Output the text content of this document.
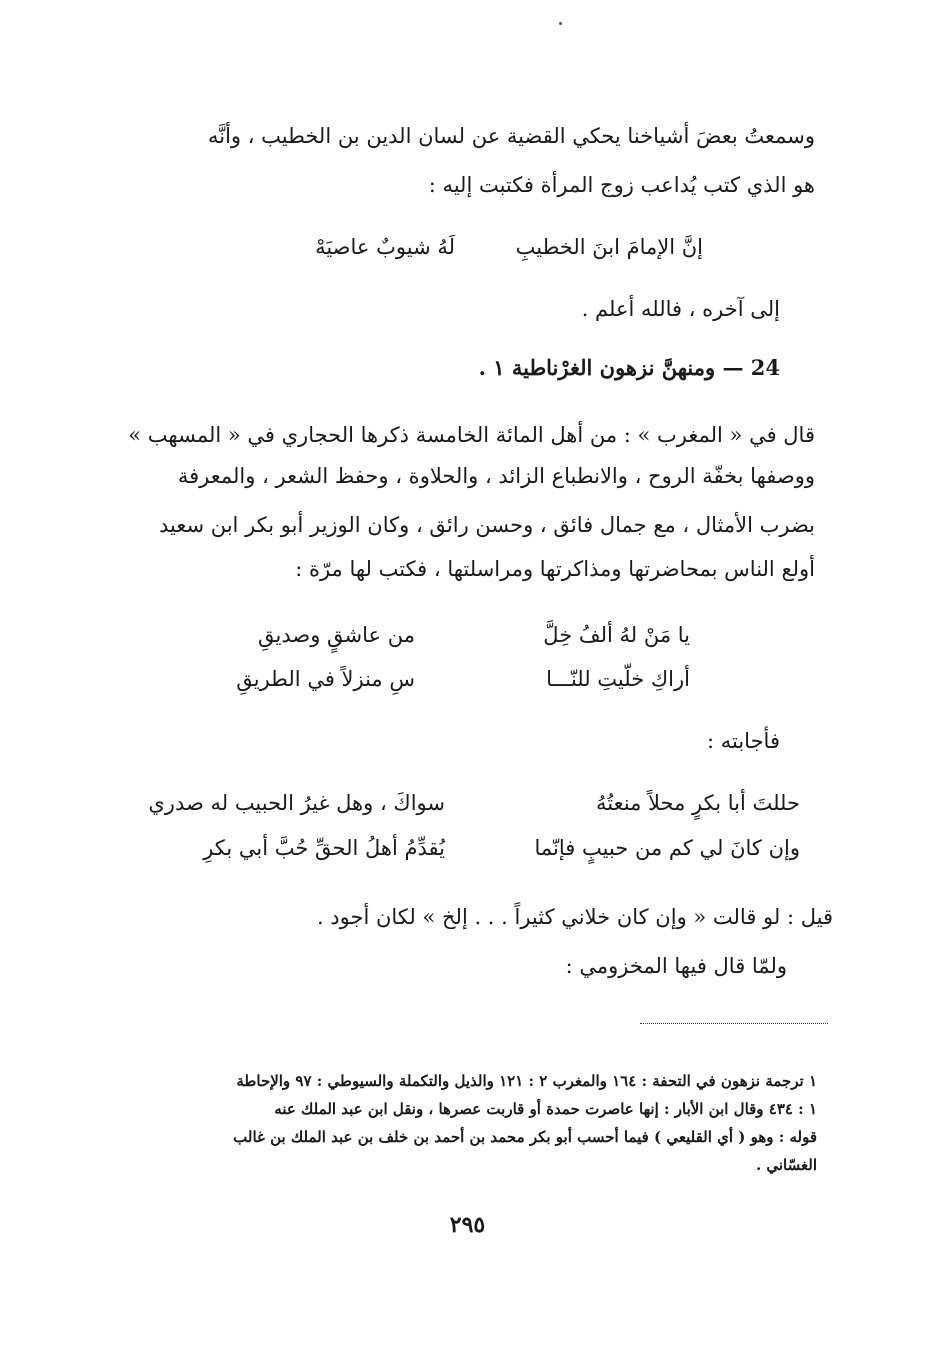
وسمعتُ بعضَ أشياخنا يحكي القضية عن لسان الدين بن الخطيب ، وأنَّه

هو الذي كتب يُداعب زوج المرأة فكتبت إليه :

إنَّ الإمامَ ابنَ الخطيبِ
لَهُ شيوبٌ عاصيَهْ

إلى آخره ، فالله أعلم .

24 — ومنهنَّ نزهون الغرْناطية ١ .

قال في « المغرب » : من أهل المائة الخامسة ذكرها الحجاري في « المسهب »

ووصفها بخفّة الروح ، والانطباع الزائد ، والحلاوة ، وحفظ الشعر ، والمعرفة

بضرب الأمثال ، مع جمال فائق ، وحسن رائق ، وكان الوزير أبو بكر ابن سعيد

أولع الناس بمحاضرتها ومذاكرتها ومراسلتها ، فكتب لها مرّة :

يا مَنْ لهُ ألفُ خِلَّ
من عاشقٍ وصديقِ
أراكِ خلّيتِ للنّـــا
سِ منزلاً في الطريقِ

فأجابته :

حللتَ أبا بكرٍ محلاً منعتُهُ
سواكَ ، وهل غيرُ الحبيب له صدري
وإن كانَ لي كم من حبيبٍ فإنّما
يُقدِّمُ أهلُ الحقِّ حُبَّ أبي بكرِ

قيل : لو قالت « وإن كان خلاني كثيراً . . . إلخ » لكان أجود .

ولمّا قال فيها المخزومي :

١ ترجمة نزهون في التحفة : ١٦٤ والمغرب ٢ : ١٢١ والذيل والتكملة والسيوطي : ٩٧ والإحاطة

١ : ٤٣٤ وقال ابن الأبار : إنها عاصرت حمدة أو قاربت عصرها ، ونقل ابن عبد الملك عنه

قوله : وهو ( أي القليعي ) فيما أحسب أبو بكر محمد بن أحمد بن خلف بن عبد الملك بن غالب

الغسّاني .

٢٩٥
